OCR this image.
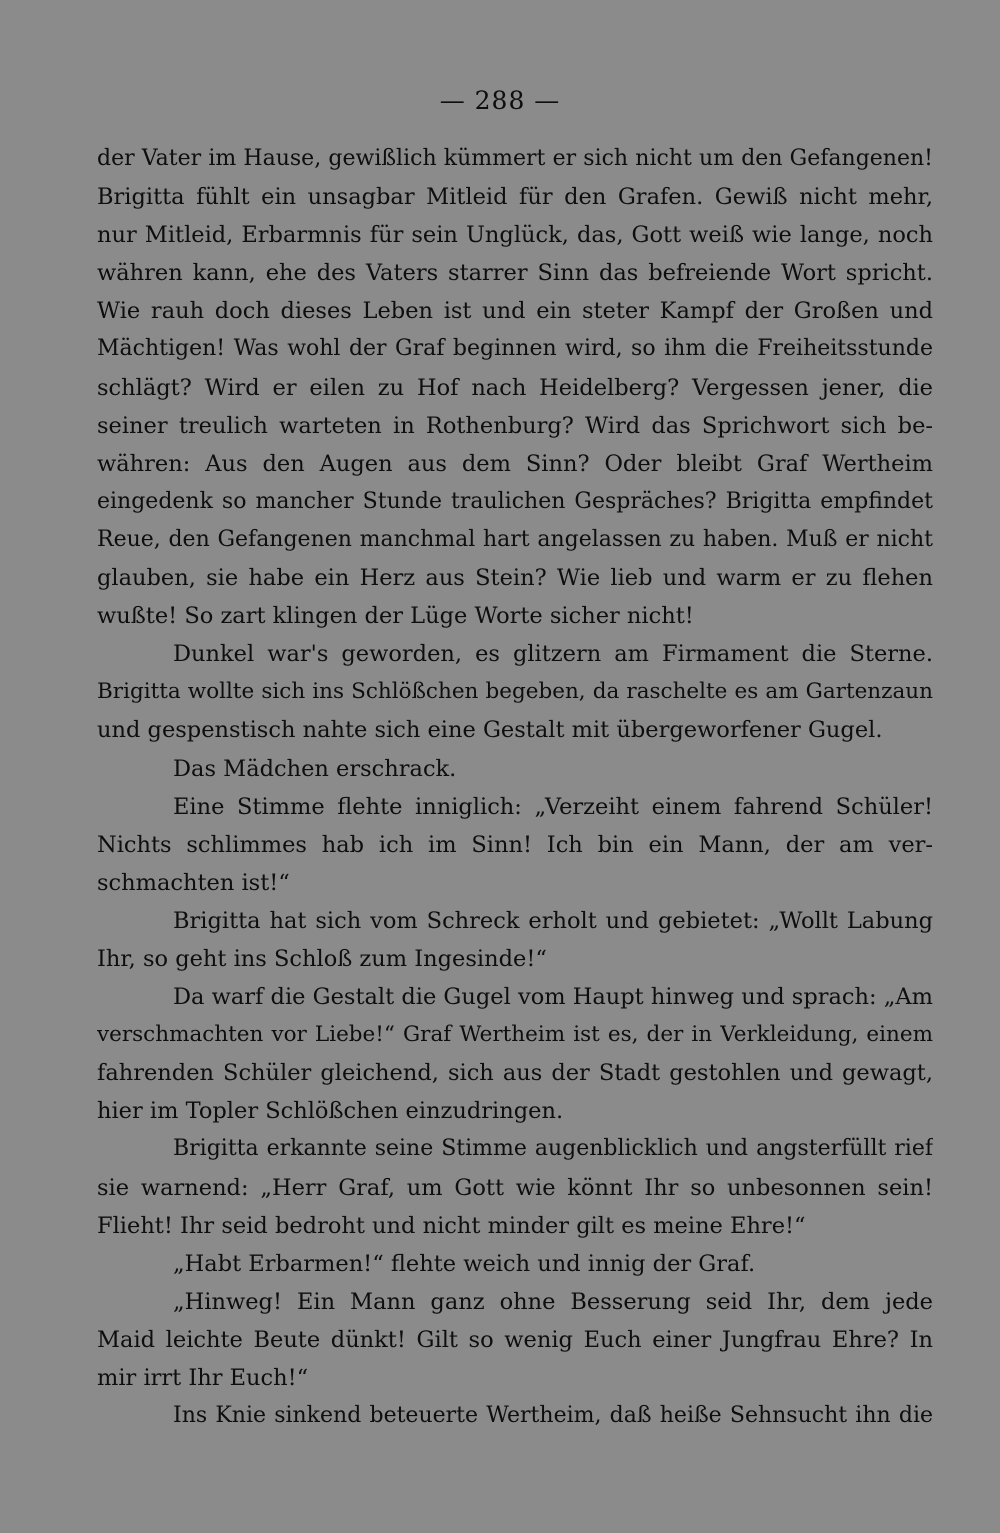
— 288 —
der Vater im Hause, gewißlich kümmert er sich nicht um den Gefangenen!
Brigitta fühlt ein unsagbar Mitleid für den Grafen. Gewiß nicht mehr,
nur Mitleid, Erbarmnis für sein Unglück, das, Gott weiß wie lange, noch
währen kann, ehe des Vaters starrer Sinn das befreiende Wort spricht.
Wie rauh doch dieses Leben ist und ein steter Kampf der Großen und
Mächtigen! Was wohl der Graf beginnen wird, so ihm die Freiheitsstunde
schlägt? Wird er eilen zu Hof nach Heidelberg? Vergessen jener, die
seiner treulich warteten in Rothenburg? Wird das Sprichwort sich be-
währen: Aus den Augen aus dem Sinn? Oder bleibt Graf Wertheim
eingedenk so mancher Stunde traulichen Gespräches? Brigitta empfindet
Reue, den Gefangenen manchmal hart angelassen zu haben. Muß er nicht
glauben, sie habe ein Herz aus Stein? Wie lieb und warm er zu flehen
wußte! So zart klingen der Lüge Worte sicher nicht!
Dunkel war's geworden, es glitzern am Firmament die Sterne.
Brigitta wollte sich ins Schlößchen begeben, da raschelte es am Gartenzaun
und gespenstisch nahte sich eine Gestalt mit übergeworfener Gugel.
Das Mädchen erschrack.
Eine Stimme flehte inniglich: „Verzeiht einem fahrend Schüler!
Nichts schlimmes hab ich im Sinn! Ich bin ein Mann, der am ver-
schmachten ist!“
Brigitta hat sich vom Schreck erholt und gebietet: „Wollt Labung
Ihr, so geht ins Schloß zum Ingesinde!“
Da warf die Gestalt die Gugel vom Haupt hinweg und sprach: „Am
verschmachten vor Liebe!“ Graf Wertheim ist es, der in Verkleidung, einem
fahrenden Schüler gleichend, sich aus der Stadt gestohlen und gewagt,
hier im Topler Schlößchen einzudringen.
Brigitta erkannte seine Stimme augenblicklich und angsterfüllt rief
sie warnend: „Herr Graf, um Gott wie könnt Ihr so unbesonnen sein!
Flieht! Ihr seid bedroht und nicht minder gilt es meine Ehre!“
„Habt Erbarmen!“ flehte weich und innig der Graf.
„Hinweg! Ein Mann ganz ohne Besserung seid Ihr, dem jede
Maid leichte Beute dünkt! Gilt so wenig Euch einer Jungfrau Ehre? In
mir irrt Ihr Euch!“
Ins Knie sinkend beteuerte Wertheim, daß heiße Sehnsucht ihn die
